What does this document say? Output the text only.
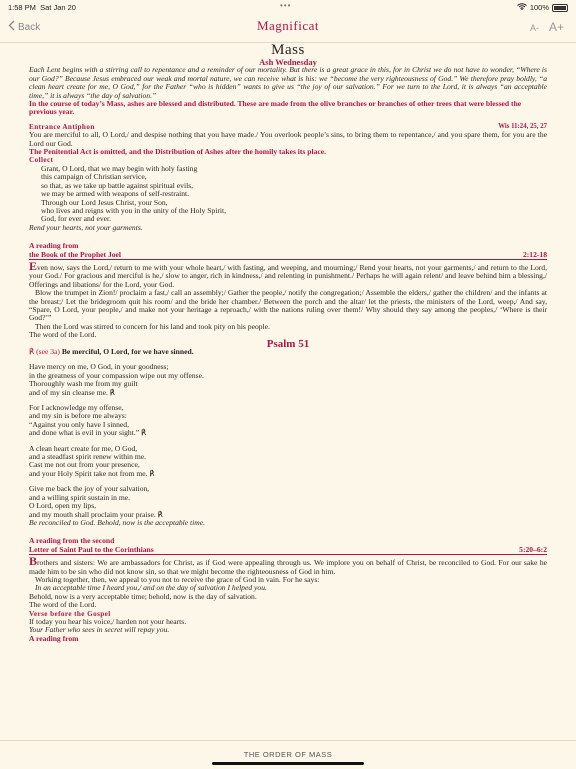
1:58 PM Sat Jan 20	•••	100%
Back	Magnificat	A- A+

Mass

Ash Wednesday

Each Lent begins with a stirring call to repentance and a reminder of our mortality. But there is a great grace in this, for in Christ we do not have to wonder, “Where is our God?” Because Jesus embraced our weak and mortal nature, we can receive what is his: we “become the very righteousness of God.” We therefore pray boldly, “a clean heart create for me, O God,” for the Father “who is hidden” wants to give us “the joy of our salvation.” For we turn to the Lord, it is always “an acceptable time,” it is always “the day of salvation.”

In the course of today’s Mass, ashes are blessed and distributed. These are made from the olive branches or branches of other trees that were blessed the previous year.

Entrance Antiphon	Wis 11:24, 25, 27

You are merciful to all, O Lord,/ and despise nothing that you have made./ You overlook people’s sins, to bring them to repentance,/ and you spare them, for you are the Lord our God.

The Penitential Act is omitted, and the Distribution of Ashes after the homily takes its place.

Collect

Grant, O Lord, that we may begin with holy fasting

this campaign of Christian service,

so that, as we take up battle against spiritual evils,

we may be armed with weapons of self-restraint.

Through our Lord Jesus Christ, your Son,

who lives and reigns with you in the unity of the Holy Spirit,

God, for ever and ever.

Rend your hearts, not your garments.

A reading from

the Book of the Prophet Joel	2:12-18

Even now, says the Lord,/ return to me with your whole heart,/ with fasting, and weeping, and mourning;/ Rend your hearts, not your garments,/ and return to the Lord, your God./ For gracious and merciful is he,/ slow to anger, rich in kindness,/ and relenting in punishment./ Perhaps he will again relent/ and leave behind him a blessing,/ Offerings and libations/ for the Lord, your God.

Blow the trumpet in Zion!/ proclaim a fast,/ call an assembly;/ Gather the people,/ notify the congregation;/ Assemble the elders,/ gather the children/ and the infants at the breast;/ Let the bridegroom quit his room/ and the bride her chamber./ Between the porch and the altar/ let the priests, the ministers of the Lord, weep,/ And say, “Spare, O Lord, your people,/ and make not your heritage a reproach,/ with the nations ruling over them!/ Why should they say among the peoples,/ ‘Where is their God?’”

Then the Lord was stirred to concern for his land and took pity on his people.

The word of the Lord.

Psalm 51

℟ (see 3a) Be merciful, O Lord, for we have sinned.

Have mercy on me, O God, in your goodness;

in the greatness of your compassion wipe out my offense.

Thoroughly wash me from my guilt

and of my sin cleanse me. ℟

For I acknowledge my offense,

and my sin is before me always:

“Against you only have I sinned,

and done what is evil in your sight.” ℟

A clean heart create for me, O God,

and a steadfast spirit renew within me.

Cast me not out from your presence,

and your Holy Spirit take not from me. ℟

Give me back the joy of your salvation,

and a willing spirit sustain in me.

O Lord, open my lips,

and my mouth shall proclaim your praise. ℟

Be reconciled to God. Behold, now is the acceptable time.

A reading from the second

Letter of Saint Paul to the Corinthians	5:20–6:2

Brothers and sisters: We are ambassadors for Christ, as if God were appealing through us. We implore you on behalf of Christ, be reconciled to God. For our sake he made him to be sin who did not know sin, so that we might become the righteousness of God in him.

Working together, then, we appeal to you not to receive the grace of God in vain. For he says:

In an acceptable time I heard you,/ and on the day of salvation I helped you.

Behold, now is a very acceptable time; behold, now is the day of salvation.

The word of the Lord.

Verse before the Gospel

If today you hear his voice,/ harden not your hearts.

Your Father who sees in secret will repay you.

A reading from

THE ORDER OF MASS
